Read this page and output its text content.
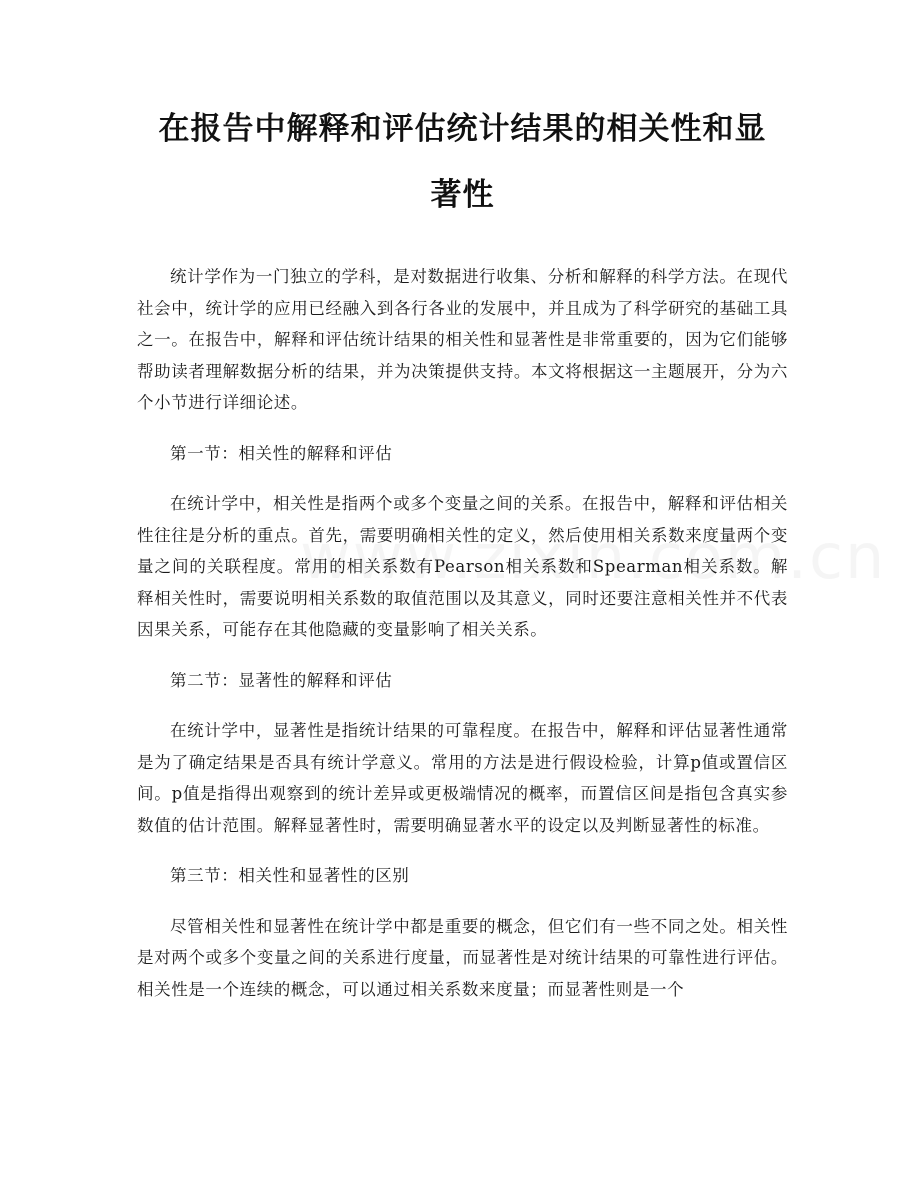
在报告中解释和评估统计结果的相关性和显著性

统计学作为一门独立的学科，是对数据进行收集、分析和解释的科学方法。在现代社会中，统计学的应用已经融入到各行各业的发展中，并且成为了科学研究的基础工具之一。在报告中，解释和评估统计结果的相关性和显著性是非常重要的，因为它们能够帮助读者理解数据分析的结果，并为决策提供支持。本文将根据这一主题展开，分为六个小节进行详细论述。

第一节：相关性的解释和评估

在统计学中，相关性是指两个或多个变量之间的关系。在报告中，解释和评估相关性往往是分析的重点。首先，需要明确相关性的定义，然后使用相关系数来度量两个变量之间的关联程度。常用的相关系数有Pearson相关系数和Spearman相关系数。解释相关性时，需要说明相关系数的取值范围以及其意义，同时还要注意相关性并不代表因果关系，可能存在其他隐藏的变量影响了相关关系。

第二节：显著性的解释和评估

在统计学中，显著性是指统计结果的可靠程度。在报告中，解释和评估显著性通常是为了确定结果是否具有统计学意义。常用的方法是进行假设检验，计算p值或置信区间。p值是指得出观察到的统计差异或更极端情况的概率，而置信区间是指包含真实参数值的估计范围。解释显著性时，需要明确显著水平的设定以及判断显著性的标准。

第三节：相关性和显著性的区别

尽管相关性和显著性在统计学中都是重要的概念，但它们有一些不同之处。相关性是对两个或多个变量之间的关系进行度量，而显著性是对统计结果的可靠性进行评估。相关性是一个连续的概念，可以通过相关系数来度量；而显著性则是一个
